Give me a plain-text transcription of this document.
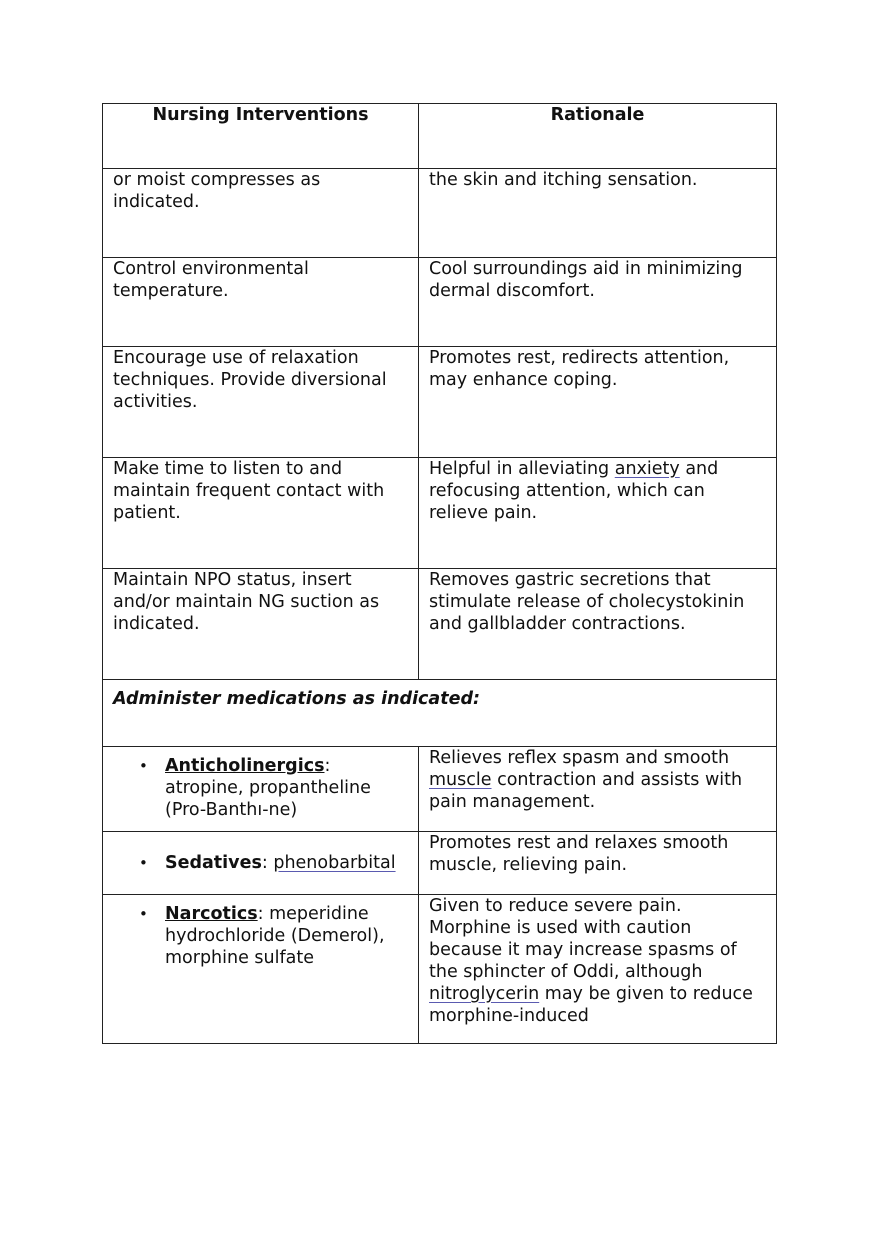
Nursing Interventions	Rationale

or moist compresses as indicated.	the skin and itching sensation.

Control environmental temperature.	Cool surroundings aid in minimizing dermal discomfort.

Encourage use of relaxation techniques. Provide diversional activities.	Promotes rest, redirects attention, may enhance coping.

Make time to listen to and maintain frequent contact with patient.	Helpful in alleviating anxiety and refocusing attention, which can relieve pain.

Maintain NPO status, insert and/or maintain NG suction as indicated.	Removes gastric secretions that stimulate release of cholecystokinin and gallbladder contractions.

Administer medications as indicated:	

• Anticholinergics: atropine, propantheline (Pro-Banthı-ne)	Relieves reflex spasm and smooth muscle contraction and assists with pain management.

• Sedatives: phenobarbital	Promotes rest and relaxes smooth muscle, relieving pain.

• Narcotics: meperidine hydrochloride (Demerol), morphine sulfate	Given to reduce severe pain. Morphine is used with caution because it may increase spasms of the sphincter of Oddi, although nitroglycerin may be given to reduce morphine-induced
